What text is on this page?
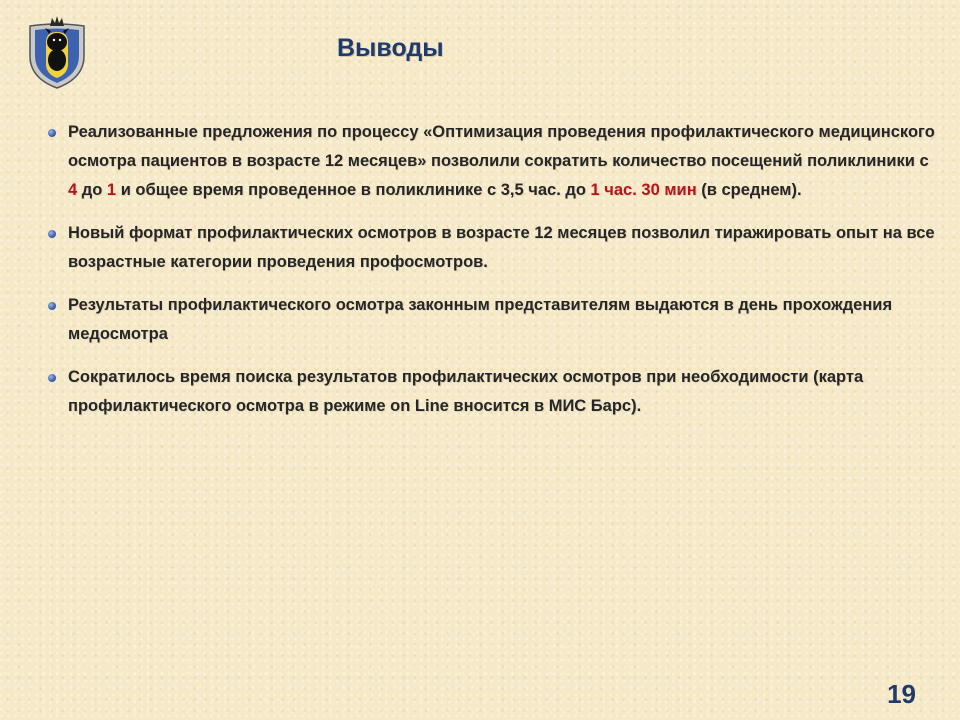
Выводы
Реализованные предложения по процессу «Оптимизация проведения профилактического медицинского осмотра пациентов в возрасте 12 месяцев» позволили сократить количество посещений поликлиники с 4 до 1 и общее время проведенное в поликлинике с 3,5 час. до 1 час. 30 мин (в среднем).
Новый формат профилактических осмотров в возрасте 12 месяцев позволил тиражировать опыт на все возрастные категории проведения профосмотров.
Результаты профилактического осмотра законным представителям выдаются в день прохождения медосмотра
Сократилось время поиска результатов профилактических осмотров при необходимости (карта профилактического осмотра в режиме on Line вносится в МИС Барс).
19
